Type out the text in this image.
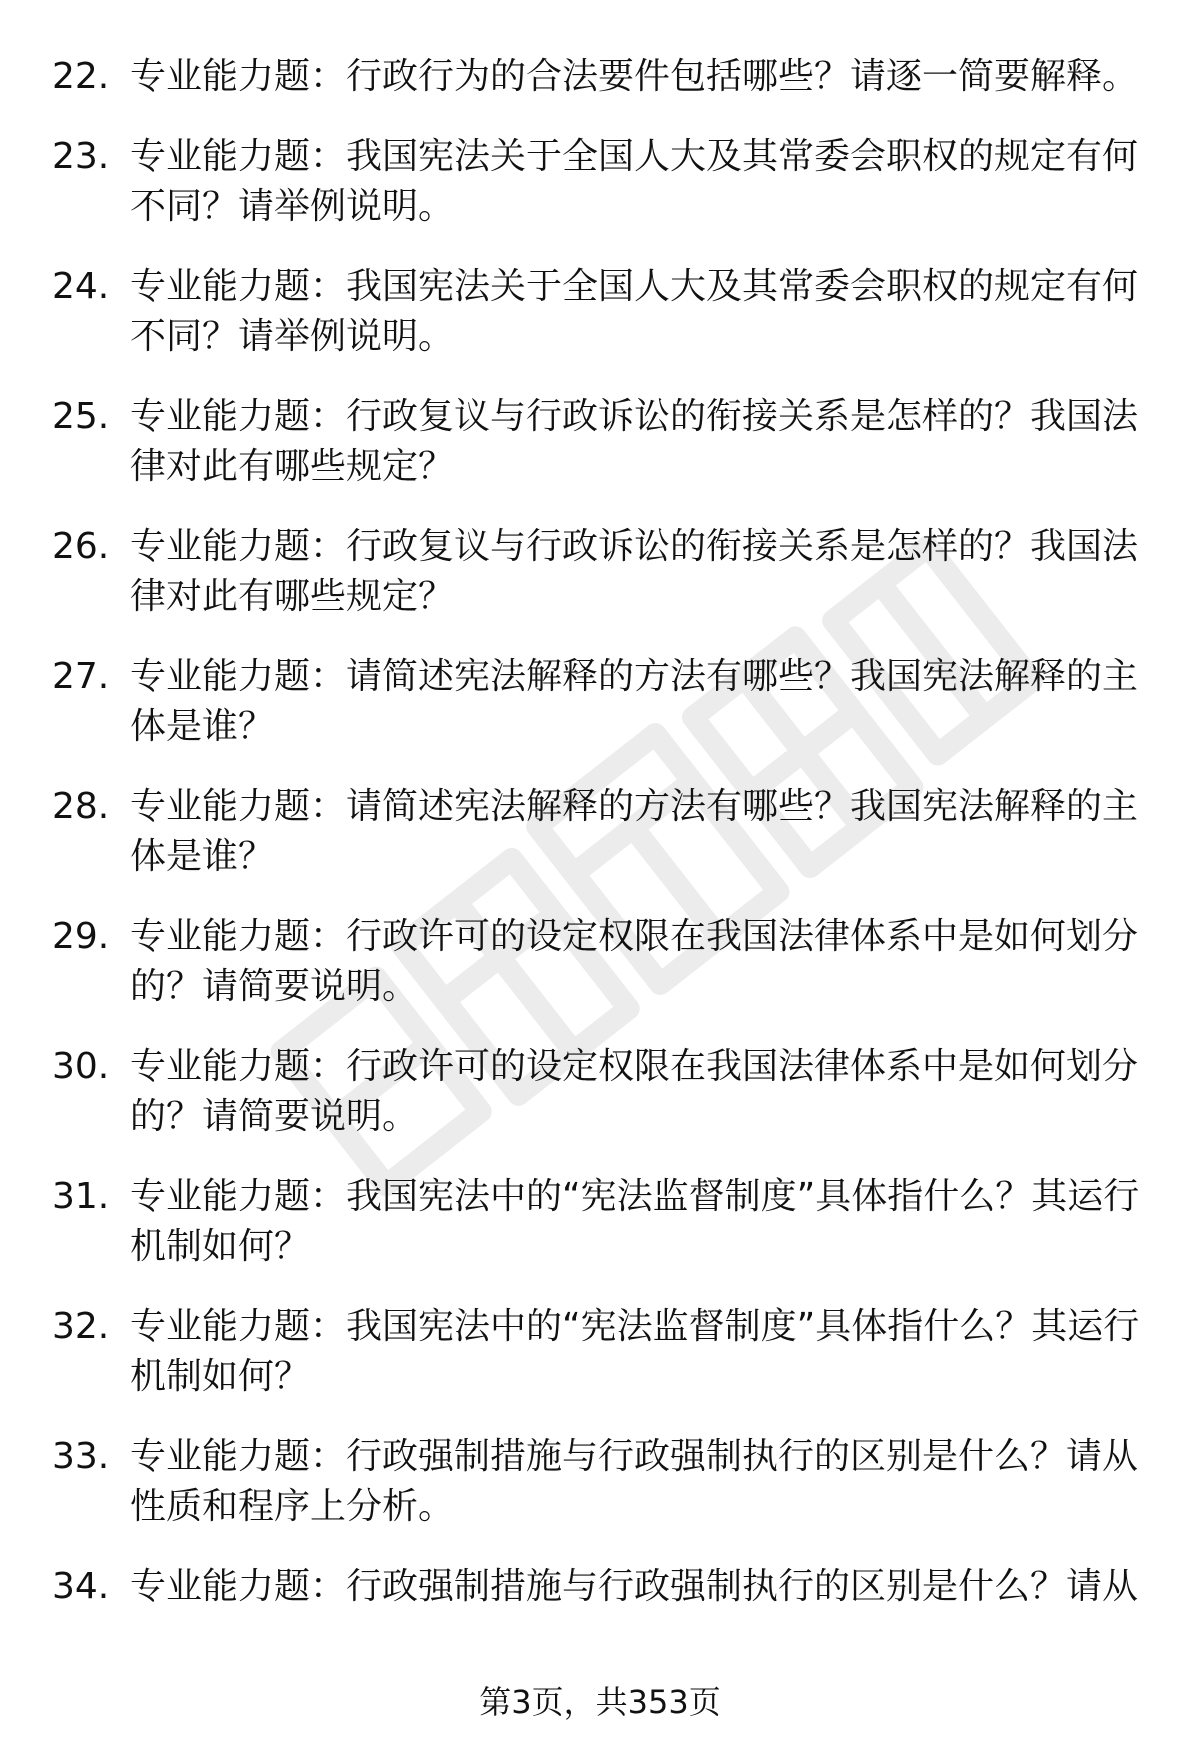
22. 专业能力题：行政行为的合法要件包括哪些？请逐一简要解释。
23. 专业能力题：我国宪法关于全国人大及其常委会职权的规定有何不同？请举例说明。
24. 专业能力题：我国宪法关于全国人大及其常委会职权的规定有何不同？请举例说明。
25. 专业能力题：行政复议与行政诉讼的衔接关系是怎样的？我国法律对此有哪些规定？
26. 专业能力题：行政复议与行政诉讼的衔接关系是怎样的？我国法律对此有哪些规定？
27. 专业能力题：请简述宪法解释的方法有哪些？我国宪法解释的主体是谁？
28. 专业能力题：请简述宪法解释的方法有哪些？我国宪法解释的主体是谁？
29. 专业能力题：行政许可的设定权限在我国法律体系中是如何划分的？请简要说明。
30. 专业能力题：行政许可的设定权限在我国法律体系中是如何划分的？请简要说明。
31. 专业能力题：我国宪法中的“宪法监督制度”具体指什么？其运行机制如何？
32. 专业能力题：我国宪法中的“宪法监督制度”具体指什么？其运行机制如何？
33. 专业能力题：行政强制措施与行政强制执行的区别是什么？请从性质和程序上分析。
34. 专业能力题：行政强制措施与行政强制执行的区别是什么？请从
第3页，共353页
